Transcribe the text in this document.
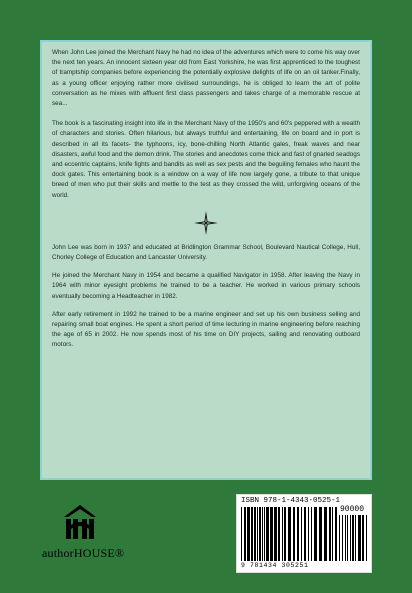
When John Lee joined the Merchant Navy he had no idea of the adventures which were to come his way over the next ten years. An innocent sixteen year old from East Yorkshire, he was first apprenticed to the toughest of tramptship companies before experiencing the potentially explosive delights of life on an oil tanker.Finally, as a young officer enjoying rather more civilised surroundings, he is obliged to learn the art of polite conversation as he mixes with affluent first class passengers and takes charge of a memorable rescue at sea...

The book is a fascinating insight into life in the Merchant Navy of the 1950's and 60's peppered with a wealth of characters and stories. Often hilarious, but always truthful and entertaining, life on board and in port is described in all its facets- the typhoons, icy, bone-chilling North Atlantic gales, freak waves and near disasters, awful food and the demon drink. The stories and anecdotes come thick and fast of gnarled seadogs and eccentric captains, knife fights and bandits as well as sex pests and the beguiling females who haunt the dock gates. This entertaining book is a window on a way of life now largely gone, a tribute to that unique breed of men who put their skills and mettle to the test as they crossed the wild, unforgiving oceans of the world.

John Lee was born in 1937 and educated at Bridlington Grammar School, Boulevard Nautical College, Hull, Chorley College of Education and Lancaster University.

He joined the Merchant Navy in 1954 and became a qualified Navigator in 1958. After leaving the Navy in 1964 with minor eyesight problems he trained to be a teacher. He worked in various primary schools eventually becoming a Headteacher in 1982.

After early retirement in 1992 he trained to be a marine engineer and set up his own business selling and repairing small boat engines. He spent a short period of time lecturing in marine engineering before reaching the age of 65 in 2002. He now spends most of his time on DIY projects, sailing and renovating outboard motors.

authorHOUSE®
ISBN 978-1-4343-0525-1
90000
9 781434 305251
